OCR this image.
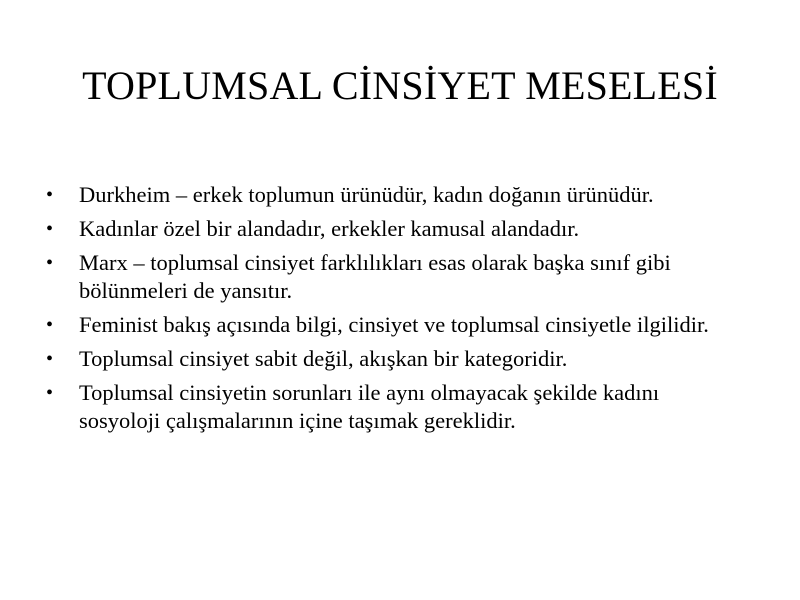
TOPLUMSAL CİNSİYET MESELESİ
• Durkheim – erkek toplumun ürünüdür, kadın doğanın ürünüdür.
• Kadınlar özel bir alandadır, erkekler kamusal alandadır.
• Marx – toplumsal cinsiyet farklılıkları esas olarak başka sınıf gibi bölünmeleri de yansıtır.
• Feminist bakış açısında bilgi, cinsiyet ve toplumsal cinsiyetle ilgilidir.
• Toplumsal cinsiyet sabit değil, akışkan bir kategoridir.
• Toplumsal cinsiyetin sorunları ile aynı olmayacak şekilde kadını sosyoloji çalışmalarının içine taşımak gereklidir.
